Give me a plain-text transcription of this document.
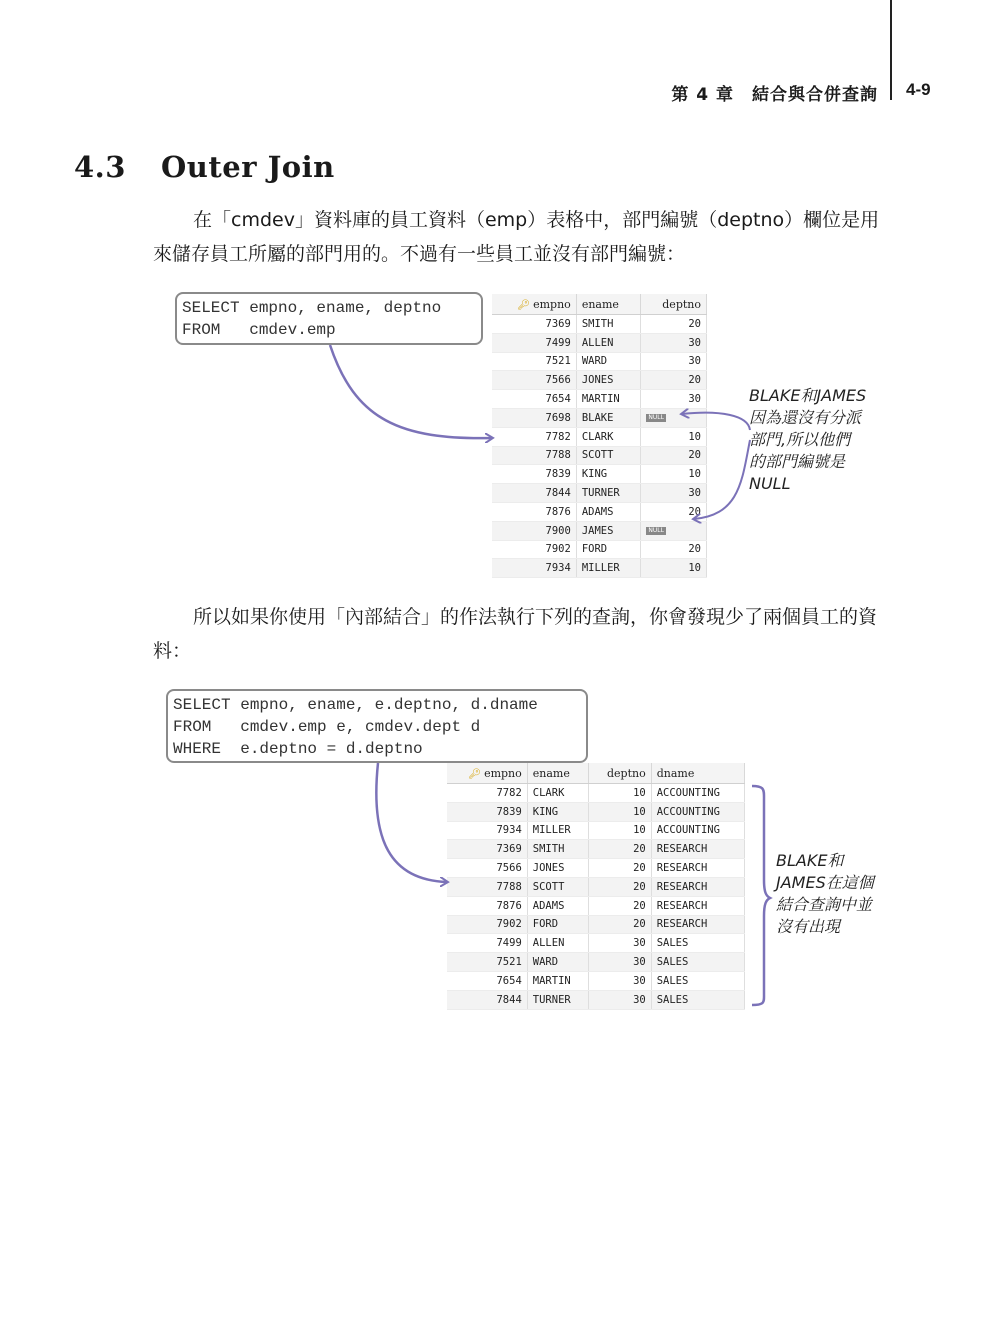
第 4 章　結合與合併查詢 4-9
4.3 Outer Join
在「cmdev」資料庫的員工資料（emp）表格中，部門編號（deptno）欄位是用來儲存員工所屬的部門用的。不過有一些員工並沒有部門編號：
SELECT empno, ename, deptno
FROM   cmdev.emp
🔑︎ empno	ename	deptno
7369	SMITH	20
7499	ALLEN	30
7521	WARD	30
7566	JONES	20
7654	MARTIN	30
7698	BLAKE	NULL
7782	CLARK	10
7788	SCOTT	20
7839	KING	10
7844	TURNER	30
7876	ADAMS	20
7900	JAMES	NULL
7902	FORD	20
7934	MILLER	10
BLAKE和JAMES
因為還沒有分派
部門,所以他們
的部門編號是
NULL
所以如果你使用「內部結合」的作法執行下列的查詢，你會發現少了兩個員工的資料：
SELECT empno, ename, e.deptno, d.dname
FROM   cmdev.emp e, cmdev.dept d
WHERE  e.deptno = d.deptno
🔑︎ empno	ename	deptno	dname
7782	CLARK	10	ACCOUNTING
7839	KING	10	ACCOUNTING
7934	MILLER	10	ACCOUNTING
7369	SMITH	20	RESEARCH
7566	JONES	20	RESEARCH
7788	SCOTT	20	RESEARCH
7876	ADAMS	20	RESEARCH
7902	FORD	20	RESEARCH
7499	ALLEN	30	SALES
7521	WARD	30	SALES
7654	MARTIN	30	SALES
7844	TURNER	30	SALES
BLAKE和
JAMES在這個
結合查詢中並
沒有出現
